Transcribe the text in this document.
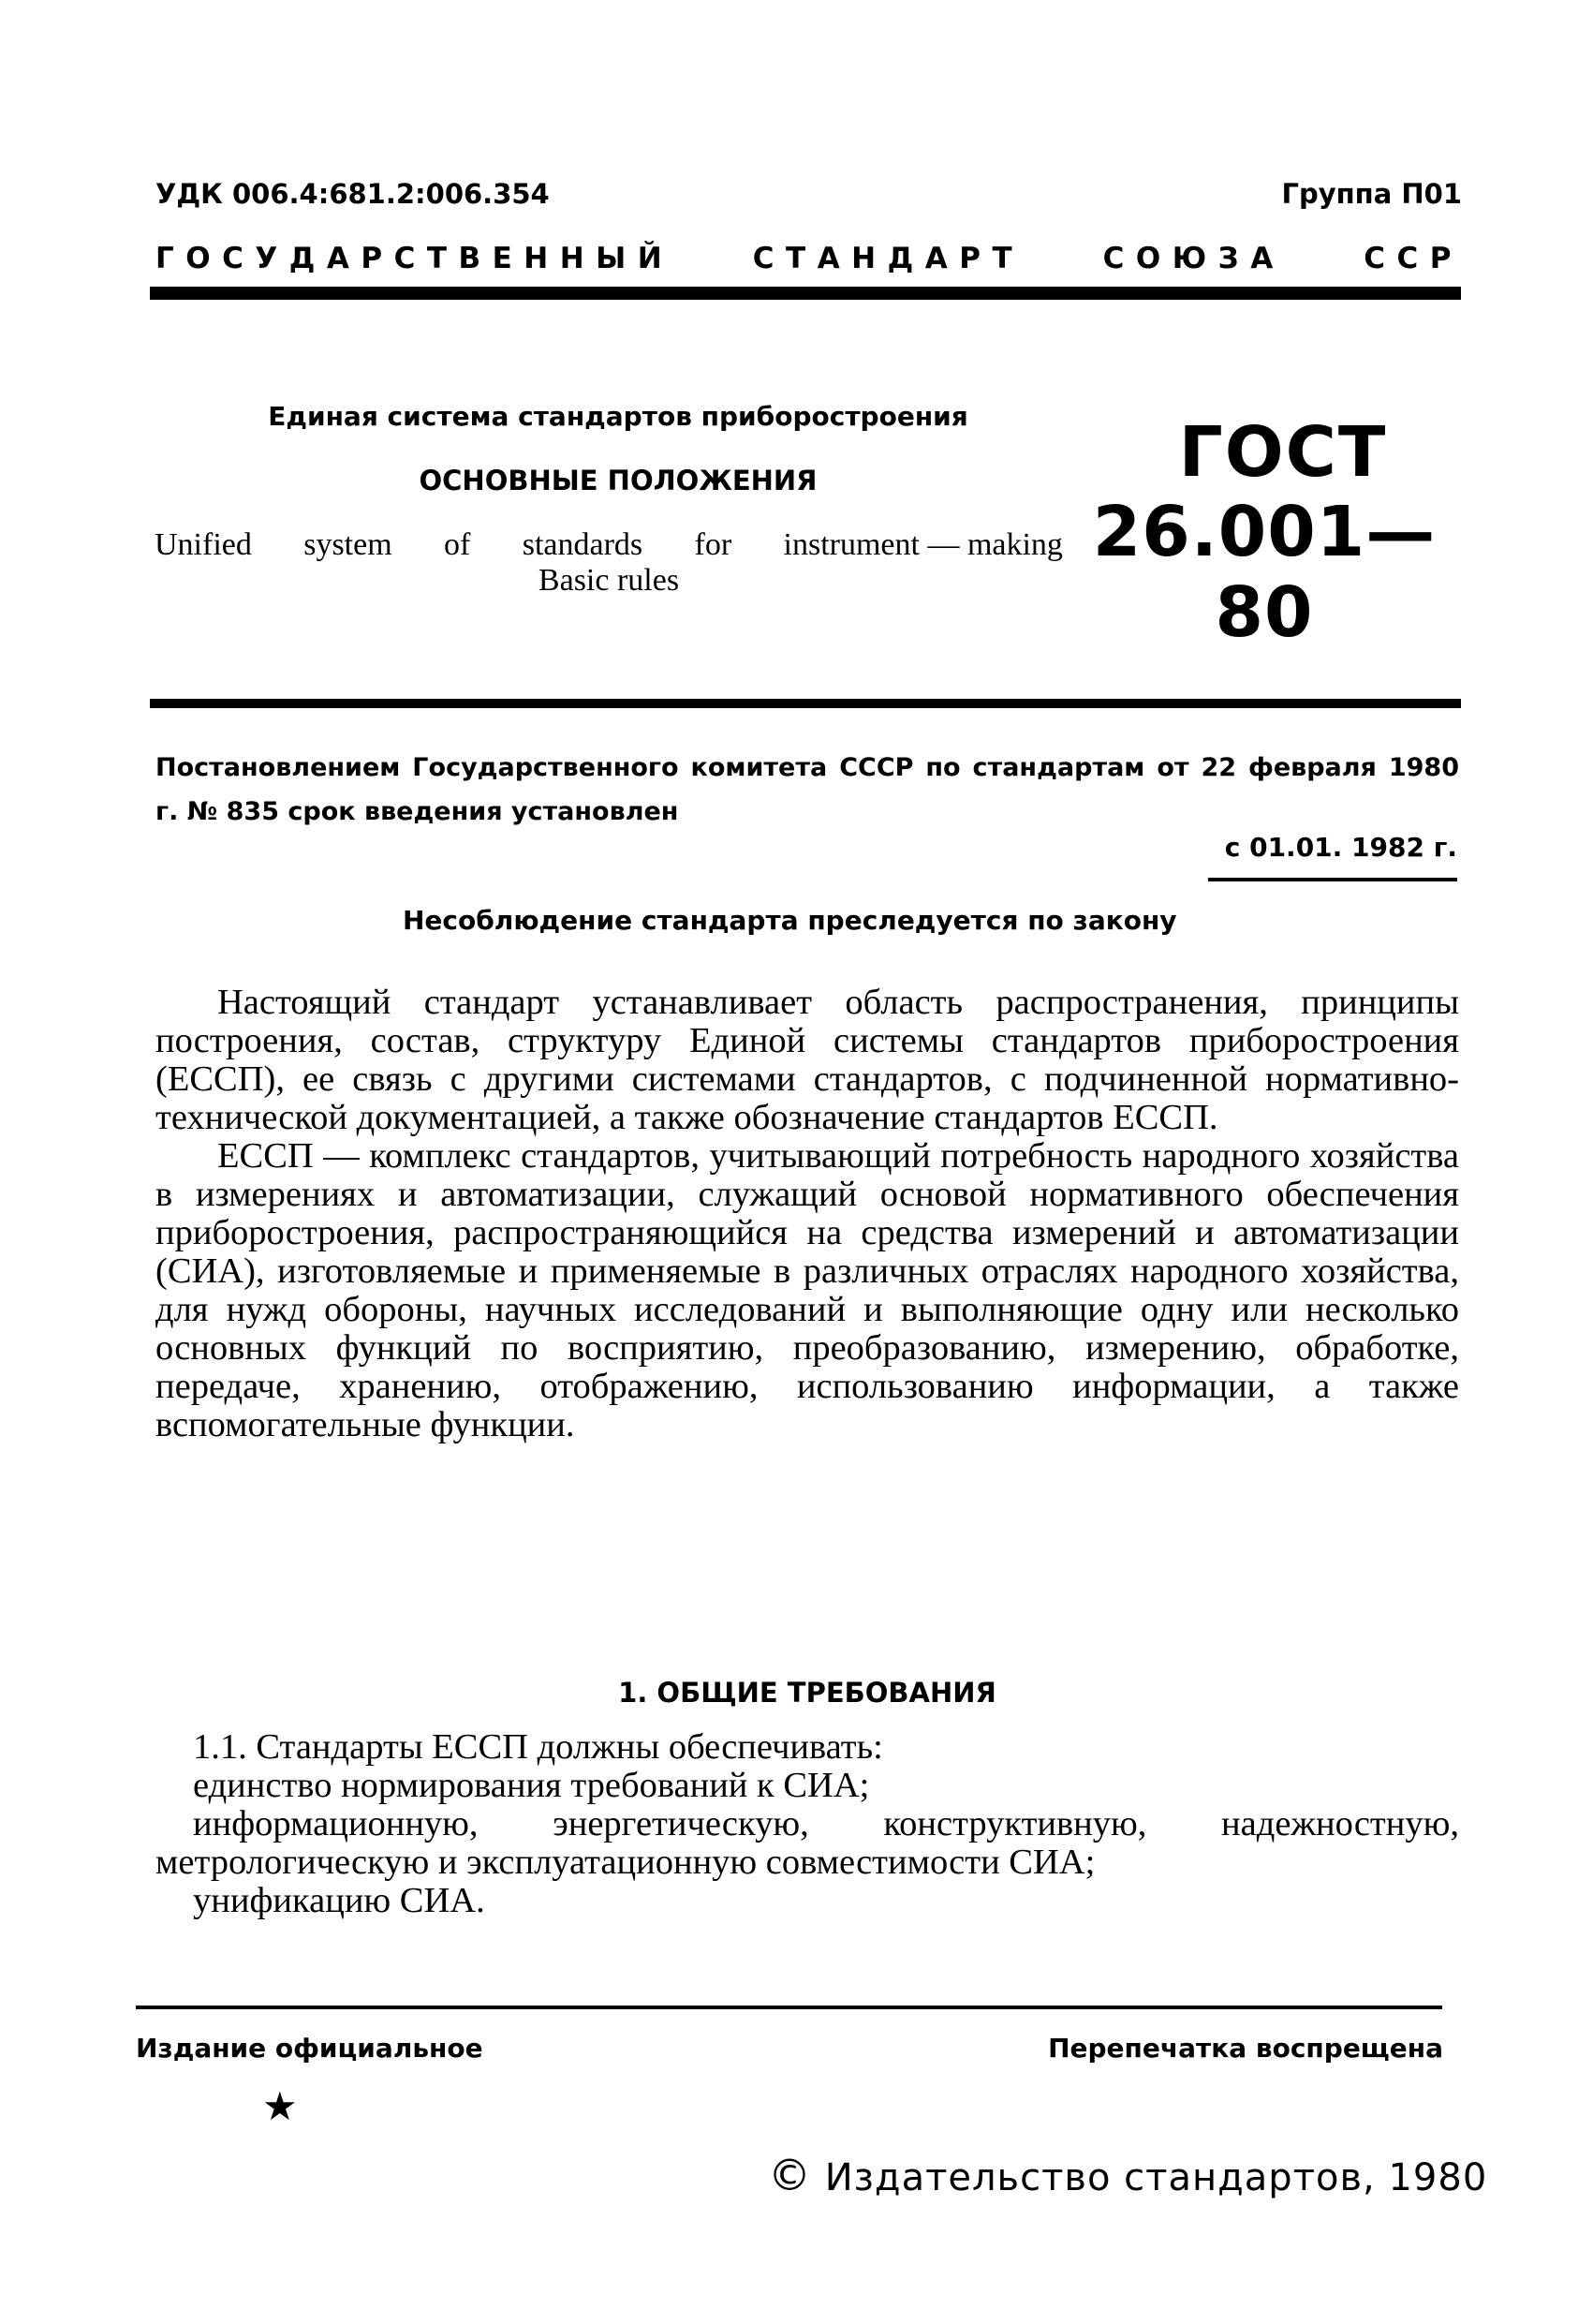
УДК 006.4:681.2:006.354	Группа П01
ГОСУДАРСТВЕННЫЙ	СТАНДАРТ	СОЮЗА	ССР
Единая система стандартов приборостроения
ОСНОВНЫЕ ПОЛОЖЕНИЯ
Unified system of standards for instrument — making
Basic rules
ГОСТ
26.001—80
Постановлением Государственного комитета СССР по стандартам от 22 февраля 1980 г. № 835 срок введения установлен
с 01.01. 1982 г.
Несоблюдение стандарта преследуется по закону

Настоящий стандарт устанавливает область распространения, принципы построения, состав, структуру Единой системы стандартов приборостроения (ЕССП), ее связь с другими системами стандартов, с подчиненной нормативно-технической документацией, а также обозначение стандартов ЕССП.

ЕССП — комплекс стандартов, учитывающий потребность народного хозяйства в измерениях и автоматизации, служащий основой нормативного обеспечения приборостроения, распространяющийся на средства измерений и автоматизации (СИА), изготовляемые и применяемые в различных отраслях народного хозяйства, для нужд обороны, научных исследований и выполняющие одну или несколько основных функций по восприятию, преобразованию, измерению, обработке, передаче, хранению, отображению, использованию информации, а также вспомогательные функции.

1. ОБЩИЕ ТРЕБОВАНИЯ

1.1. Стандарты ЕССП должны обеспечивать:

единство нормирования требований к СИА;

информационную, энергетическую, конструктивную, надежностную, метрологическую и эксплуатационную совместимости СИА;

унификацию СИА.

Издание официальное	Перепечатка воспрещена
★
© Издательство стандартов, 1980
